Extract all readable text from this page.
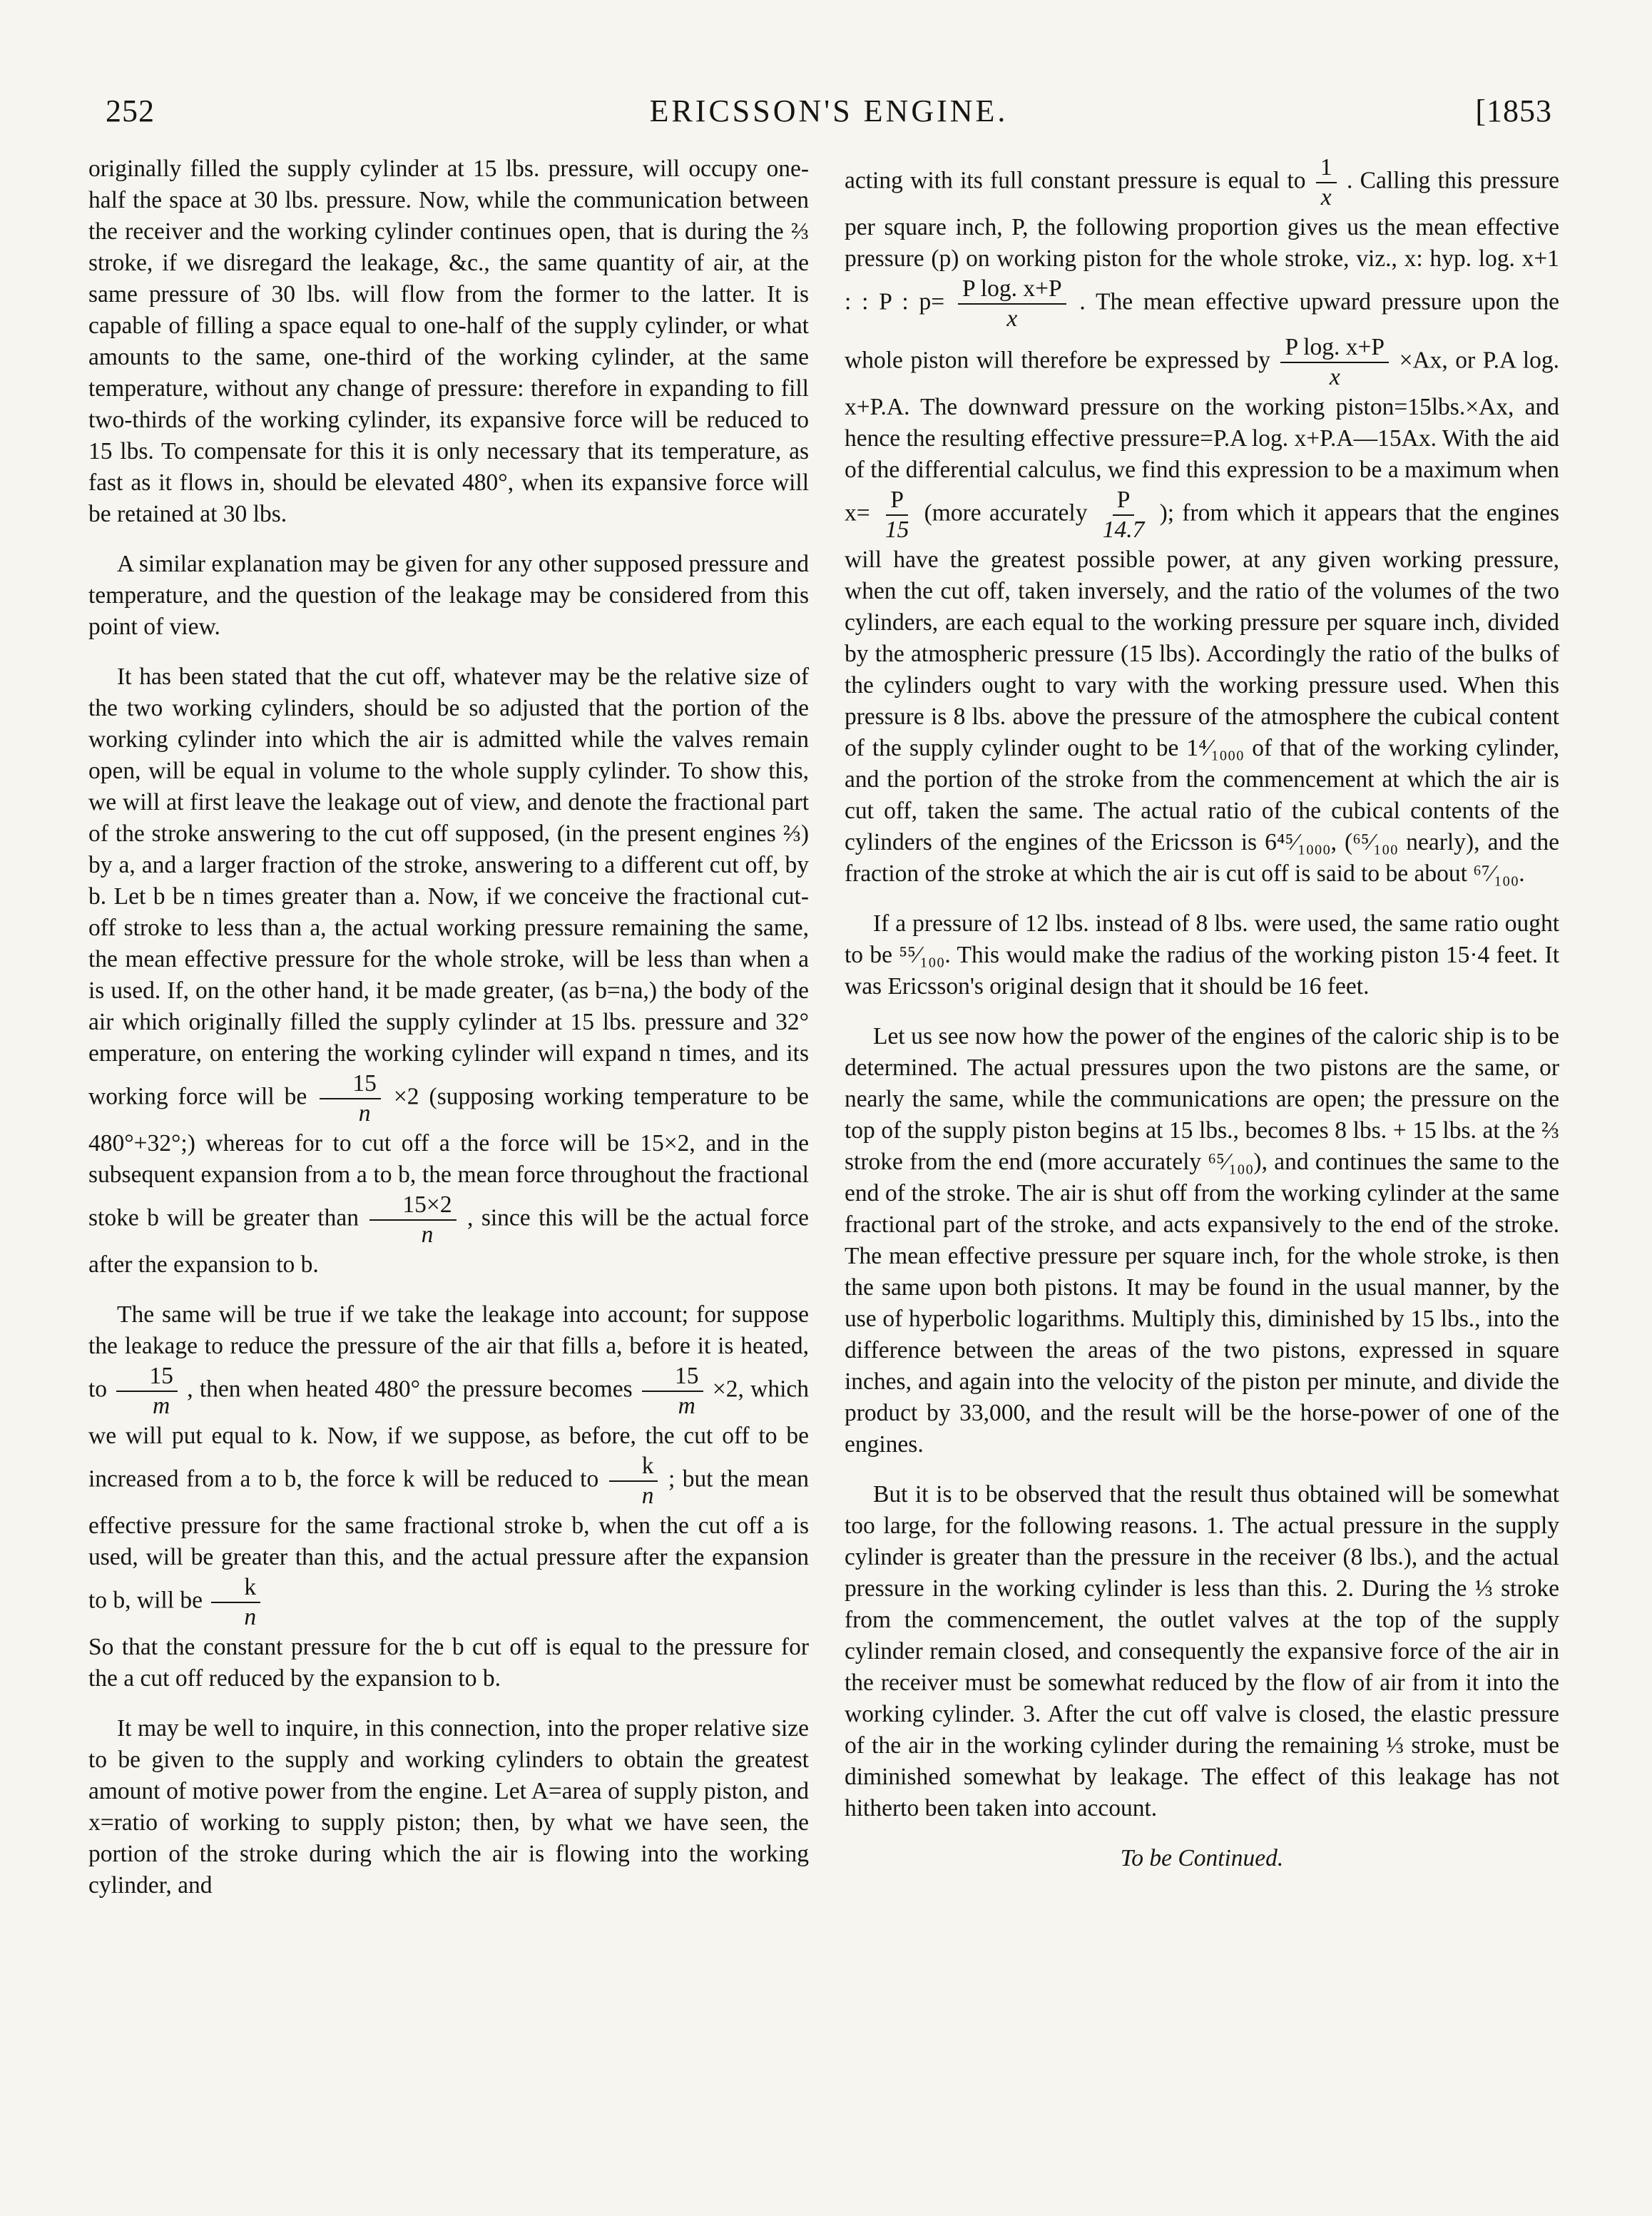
252	ERICSSON'S ENGINE.	[1853

originally filled the supply cylinder at 15 lbs. pressure, will occupy one-half the space at 30 lbs. pressure. Now, while the communication between the receiver and the working cylinder continues open, that is during the ⅔ stroke, if we disregard the leakage, &c., the same quantity of air, at the same pressure of 30 lbs. will flow from the former to the latter. It is capable of filling a space equal to one-half of the supply cylinder, or what amounts to the same, one-third of the working cylinder, at the same temperature, without any change of pressure: therefore in expanding to fill two-thirds of the working cylinder, its expansive force will be reduced to 15 lbs. To compensate for this it is only necessary that its temperature, as fast as it flows in, should be elevated 480°, when its expansive force will be retained at 30 lbs.

A similar explanation may be given for any other supposed pressure and temperature, and the question of the leakage may be considered from this point of view.

It has been stated that the cut off, whatever may be the relative size of the two working cylinders, should be so adjusted that the portion of the working cylinder into which the air is admitted while the valves remain open, will be equal in volume to the whole supply cylinder. To show this, we will at first leave the leakage out of view, and denote the fractional part of the stroke answering to the cut off supposed, (in the present engines ⅔) by a, and a larger fraction of the stroke, answering to a different cut off, by b. Let b be n times greater than a. Now, if we conceive the fractional cut-off stroke to less than a, the actual working pressure remaining the same, the mean effective pressure for the whole stroke, will be less than when a is used. If, on the other hand, it be made greater, (as b=na,) the body of the air which originally filled the supply cylinder at 15 lbs. pressure and 32° emperature, on entering the working cylinder will expand n times, and its working force will be $\frac{15}{n} \times 2$ (supposing working temperature to be 480°+32°;) whereas for to cut off a the force will be 15×2, and in the subsequent expansion from a to b, the mean force throughout the fractional stoke b will be greater than $\frac{15\times 2}{n}$ , since this will be the actual force after the expansion to b.

The same will be true if we take the leakage into account; for suppose the leakage to reduce the pressure of the air that fills a, before it is heated, to $\frac{15}{m}$ , then when heated 480° the pressure becomes $\frac{15}{m} \times 2$, which we will put equal to k. Now, if we suppose, as before, the cut off to be increased from a to b, the force k will be reduced to $\frac{k}{n}$ ; but the mean effective pressure for the same fractional stroke b, when the cut off a is used, will be greater than this, and the actual pressure after the expansion to b, will be $\frac{k}{n}$

So that the constant pressure for the b cut off is equal to the pressure for the a cut off reduced by the expansion to b.

It may be well to inquire, in this connection, into the proper relative size to be given to the supply and working cylinders to obtain the greatest amount of motive power from the engine. Let A=area of supply piston, and x=ratio of working to supply piston; then, by what we have seen, the portion of the stroke during which the air is flowing into the working cylinder, and

acting with its full constant pressure is equal to $\frac{1}{x}$ . Calling this pressure per square inch, P, the following proportion gives us the mean effective pressure (p) on working piston for the whole stroke, viz., x: hyp. log. x+1 : : P : $p= \frac{\text{P log. x+P}}{x}$ . The mean effective upward pressure upon the whole piston will therefore be expressed by $\frac{\text{P log. x+P}}{x} \times Ax$, or P.A log. x+P.A. The downward pressure on the working piston=15lbs.×Ax, and hence the resulting effective pressure=P.A log. x+P.A—15Ax. With the aid of the differential calculus, we find this expression to be a maximum when $x= \frac{P}{15}$ (more accurately $\frac{P}{14.7}$ ); from which it appears that the engines will have the greatest possible power, at any given working pressure, when the cut off, taken inversely, and the ratio of the volumes of the two cylinders, are each equal to the working pressure per square inch, divided by the atmospheric pressure (15 lbs). Accordingly the ratio of the bulks of the cylinders ought to vary with the working pressure used. When this pressure is 8 lbs. above the pressure of the atmosphere the cubical content of the supply cylinder ought to be 1⁴⁄₁₀₀₀ of that of the working cylinder, and the portion of the stroke from the commencement at which the air is cut off, taken the same. The actual ratio of the cubical contents of the cylinders of the engines of the Ericsson is 6⁴⁵⁄₁₀₀₀, (⁶⁵⁄₁₀₀ nearly), and the fraction of the stroke at which the air is cut off is said to be about ⁶⁷⁄₁₀₀.

If a pressure of 12 lbs. instead of 8 lbs. were used, the same ratio ought to be ⁵⁵⁄₁₀₀. This would make the radius of the working piston 15·4 feet. It was Ericsson's original design that it should be 16 feet.

Let us see now how the power of the engines of the caloric ship is to be determined. The actual pressures upon the two pistons are the same, or nearly the same, while the communications are open; the pressure on the top of the supply piston begins at 15 lbs., becomes 8 lbs. + 15 lbs. at the ⅔ stroke from the end (more accurately ⁶⁵⁄₁₀₀), and continues the same to the end of the stroke. The air is shut off from the working cylinder at the same fractional part of the stroke, and acts expansively to the end of the stroke. The mean effective pressure per square inch, for the whole stroke, is then the same upon both pistons. It may be found in the usual manner, by the use of hyperbolic logarithms. Multiply this, diminished by 15 lbs., into the difference between the areas of the two pistons, expressed in square inches, and again into the velocity of the piston per minute, and divide the product by 33,000, and the result will be the horse-power of one of the engines.

But it is to be observed that the result thus obtained will be somewhat too large, for the following reasons. 1. The actual pressure in the supply cylinder is greater than the pressure in the receiver (8 lbs.), and the actual pressure in the working cylinder is less than this. 2. During the ⅓ stroke from the commencement, the outlet valves at the top of the supply cylinder remain closed, and consequently the expansive force of the air in the receiver must be somewhat reduced by the flow of air from it into the working cylinder. 3. After the cut off valve is closed, the elastic pressure of the air in the working cylinder during the remaining ⅓ stroke, must be diminished somewhat by leakage. The effect of this leakage has not hitherto been taken into account.

To be Continued.
